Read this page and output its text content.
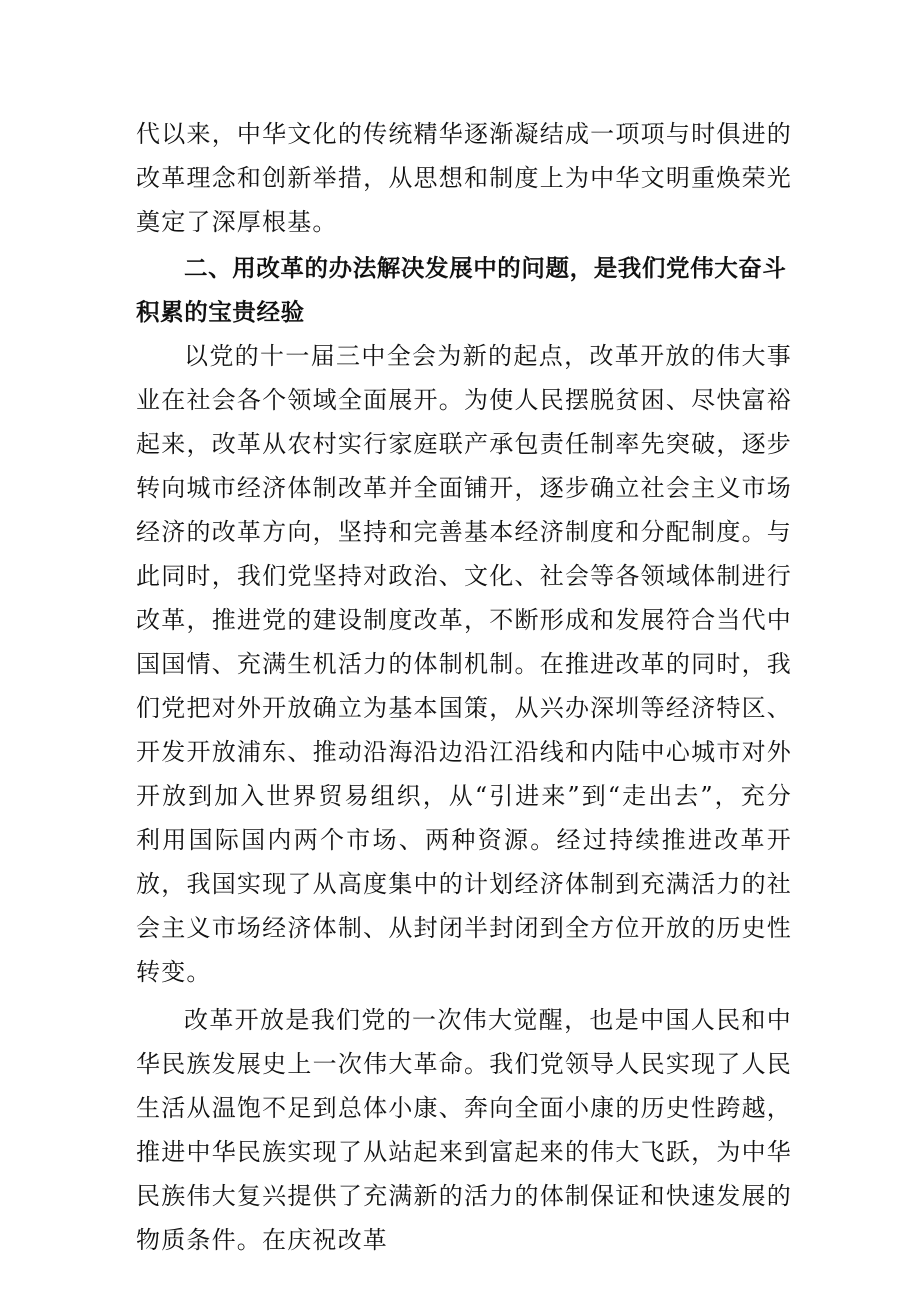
代以来，中华文化的传统精华逐渐凝结成一项项与时俱进的改革理念和创新举措，从思想和制度上为中华文明重焕荣光奠定了深厚根基。

二、用改革的办法解决发展中的问题，是我们党伟大奋斗积累的宝贵经验

以党的十一届三中全会为新的起点，改革开放的伟大事业在社会各个领域全面展开。为使人民摆脱贫困、尽快富裕起来，改革从农村实行家庭联产承包责任制率先突破，逐步转向城市经济体制改革并全面铺开，逐步确立社会主义市场经济的改革方向，坚持和完善基本经济制度和分配制度。与此同时，我们党坚持对政治、文化、社会等各领域体制进行改革，推进党的建设制度改革，不断形成和发展符合当代中国国情、充满生机活力的体制机制。在推进改革的同时，我们党把对外开放确立为基本国策，从兴办深圳等经济特区、开发开放浦东、推动沿海沿边沿江沿线和内陆中心城市对外开放到加入世界贸易组织，从“引进来”到“走出去”，充分利用国际国内两个市场、两种资源。经过持续推进改革开放，我国实现了从高度集中的计划经济体制到充满活力的社会主义市场经济体制、从封闭半封闭到全方位开放的历史性转变。

改革开放是我们党的一次伟大觉醒，也是中国人民和中华民族发展史上一次伟大革命。我们党领导人民实现了人民生活从温饱不足到总体小康、奔向全面小康的历史性跨越，推进中华民族实现了从站起来到富起来的伟大飞跃，为中华民族伟大复兴提供了充满新的活力的体制保证和快速发展的物质条件。在庆祝改革
